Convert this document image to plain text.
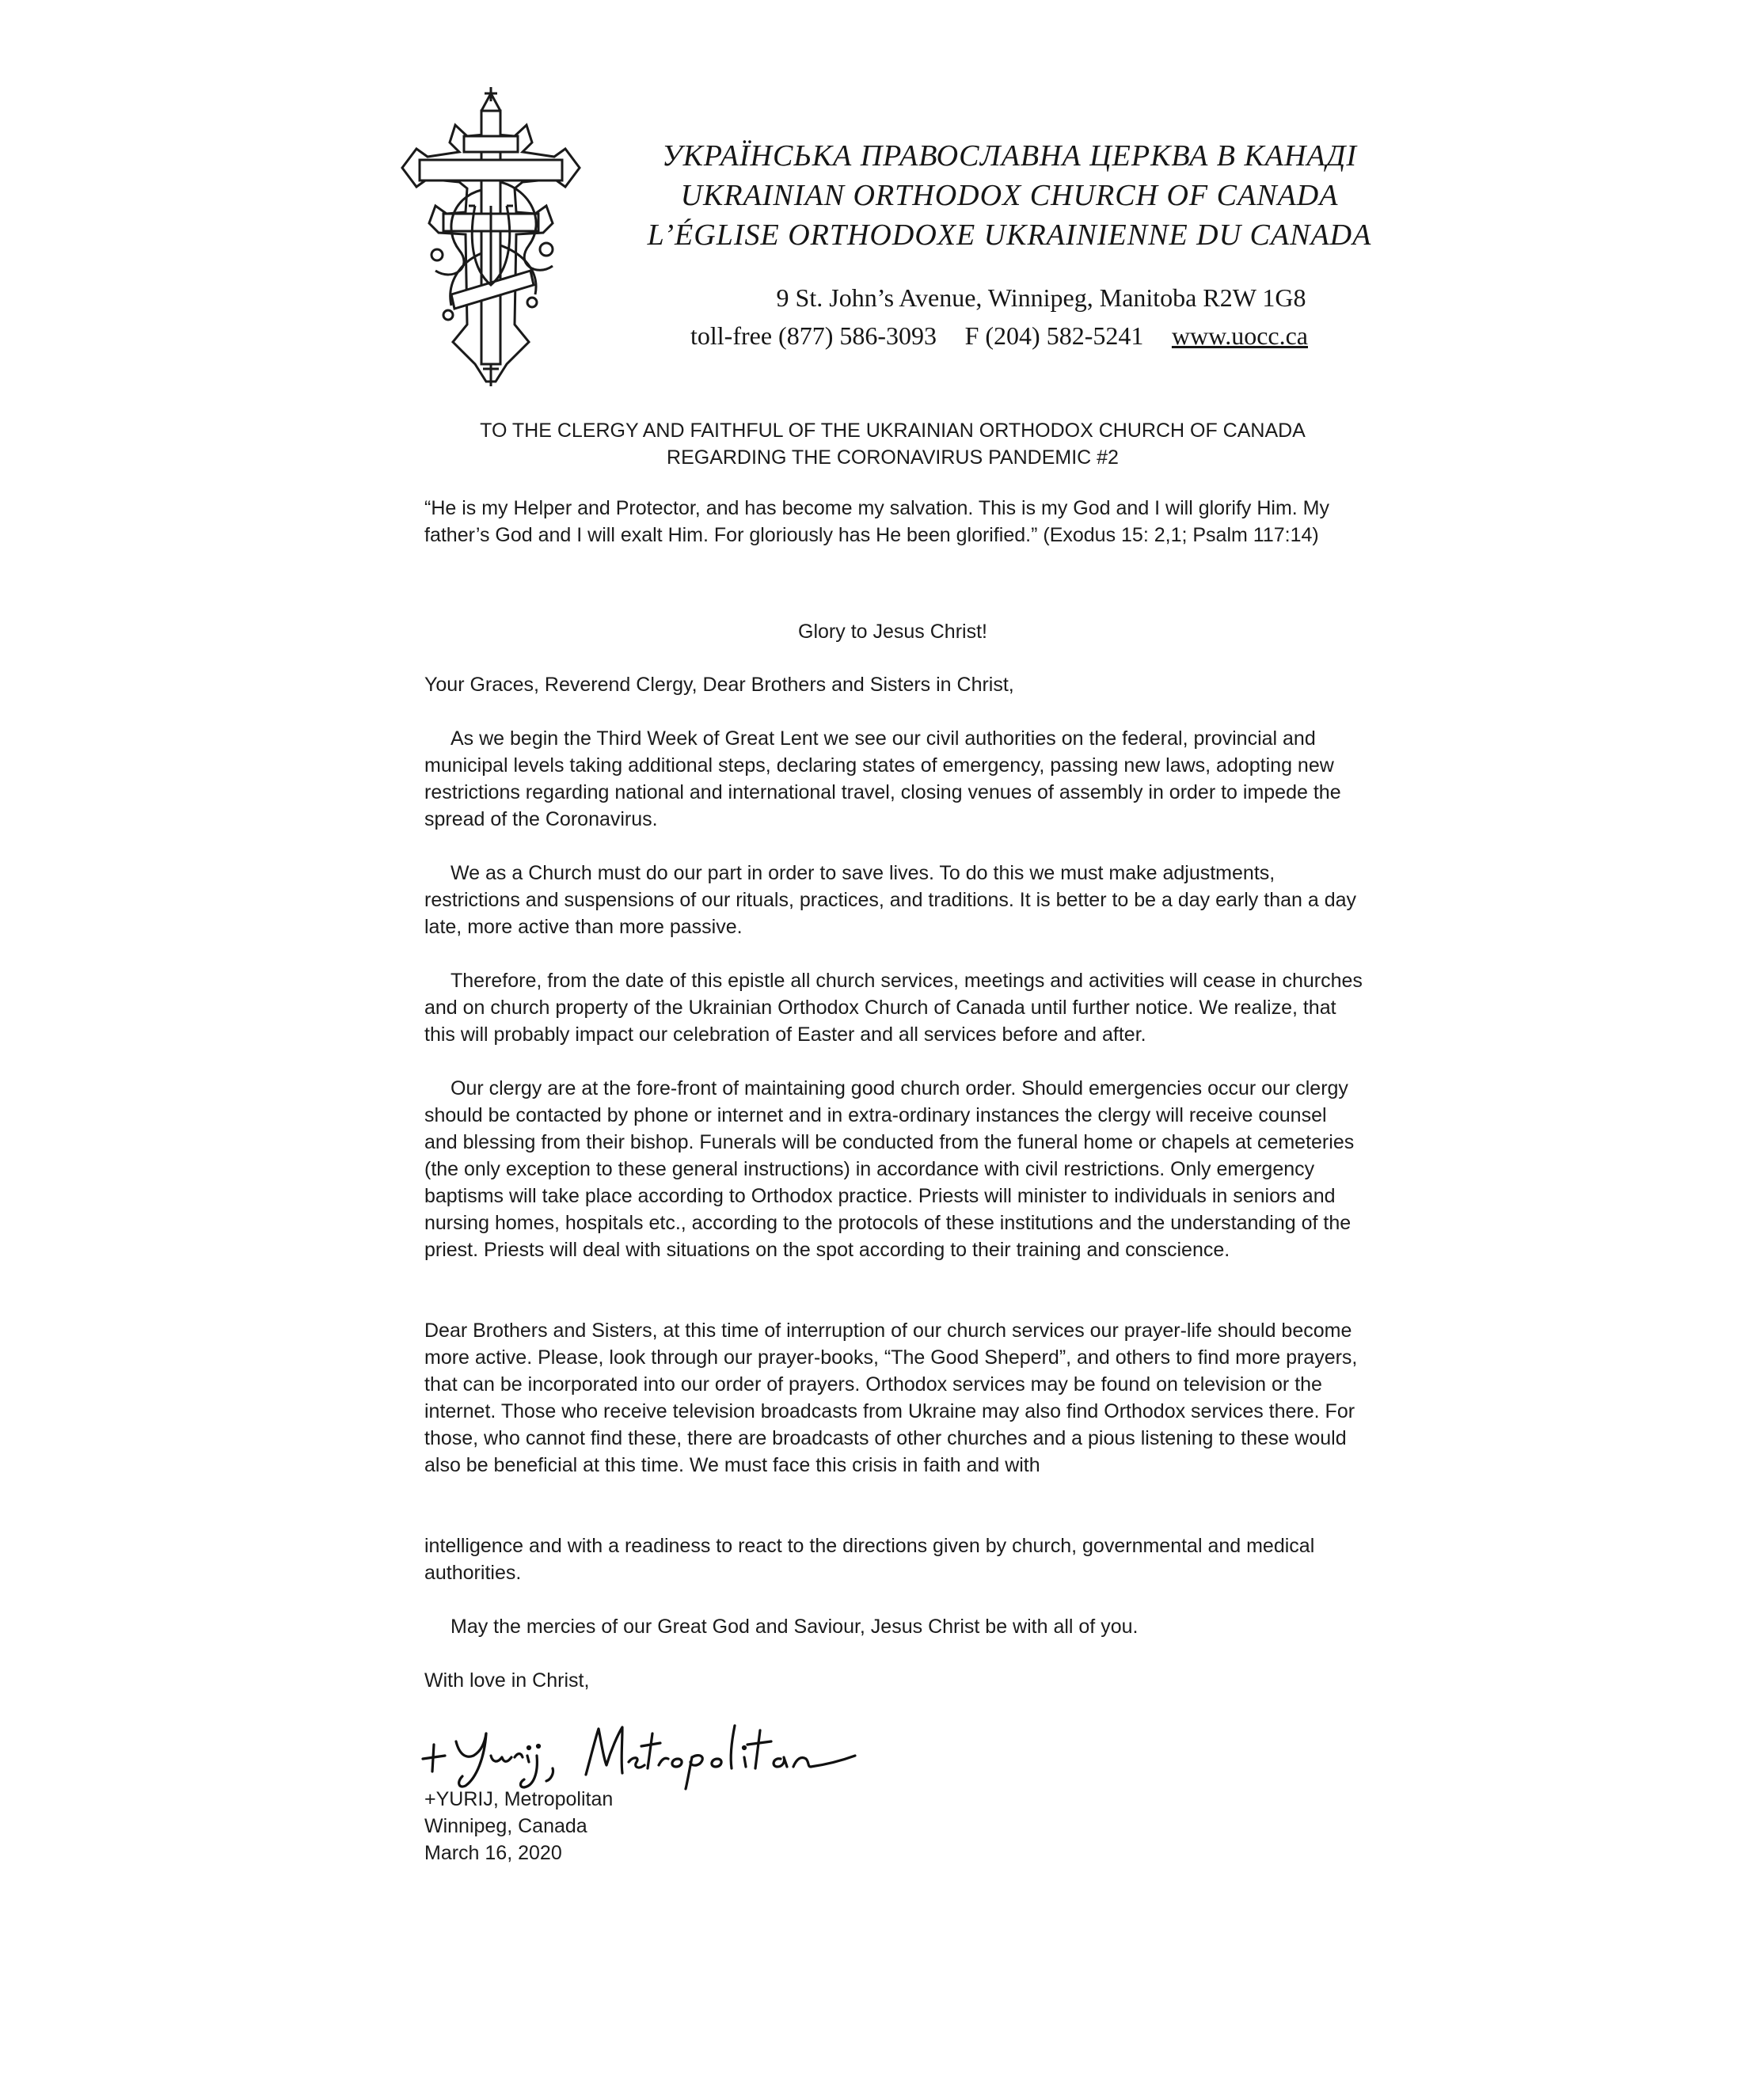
УКРАЇНСЬКА ПРАВОСЛАВНА ЦЕРКВА В КАНАДІ
UKRAINIAN ORTHODOX CHURCH OF CANADA
L’ÉGLISE ORTHODOXE UKRAINIENNE DU CANADA
9 St. John’s Avenue, Winnipeg, Manitoba R2W 1G8
toll-free (877) 586-3093 F (204) 582-5241 www.uocc.ca
TO THE CLERGY AND FAITHFUL OF THE UKRAINIAN ORTHODOX CHURCH OF CANADA
REGARDING THE CORONAVIRUS PANDEMIC #2
“He is my Helper and Protector, and has become my salvation. This is my God and I will glorify Him. My father’s God and I will exalt Him. For gloriously has He been glorified.” (Exodus 15: 2,1; Psalm 117:14)
Glory to Jesus Christ!
Your Graces, Reverend Clergy, Dear Brothers and Sisters in Christ,
As we begin the Third Week of Great Lent we see our civil authorities on the federal, provincial and municipal levels taking additional steps, declaring states of emergency, passing new laws, adopting new restrictions regarding national and international travel, closing venues of assembly in order to impede the spread of the Coronavirus.
We as a Church must do our part in order to save lives. To do this we must make adjustments, restrictions and suspensions of our rituals, practices, and traditions. It is better to be a day early than a day late, more active than more passive.
Therefore, from the date of this epistle all church services, meetings and activities will cease in churches and on church property of the Ukrainian Orthodox Church of Canada until further notice. We realize, that this will probably impact our celebration of Easter and all services before and after.
Our clergy are at the fore-front of maintaining good church order. Should emergencies occur our clergy should be contacted by phone or internet and in extra-ordinary instances the clergy will receive counsel and blessing from their bishop. Funerals will be conducted from the funeral home or chapels at cemeteries (the only exception to these general instructions) in accordance with civil restrictions. Only emergency baptisms will take place according to Orthodox practice. Priests will minister to individuals in seniors and nursing homes, hospitals etc., according to the protocols of these institutions and the understanding of the priest. Priests will deal with situations on the spot according to their training and conscience.
Dear Brothers and Sisters, at this time of interruption of our church services our prayer-life should become more active. Please, look through our prayer-books, “The Good Sheperd”, and others to find more prayers, that can be incorporated into our order of prayers. Orthodox services may be found on television or the internet. Those who receive television broadcasts from Ukraine may also find Orthodox services there. For those, who cannot find these, there are broadcasts of other churches and a pious listening to these would also be beneficial at this time. We must face this crisis in faith and with
intelligence and with a readiness to react to the directions given by church, governmental and medical authorities.
May the mercies of our Great God and Saviour, Jesus Christ be with all of you.
With love in Christ,
+YURIJ, Metropolitan
Winnipeg, Canada
March 16, 2020
